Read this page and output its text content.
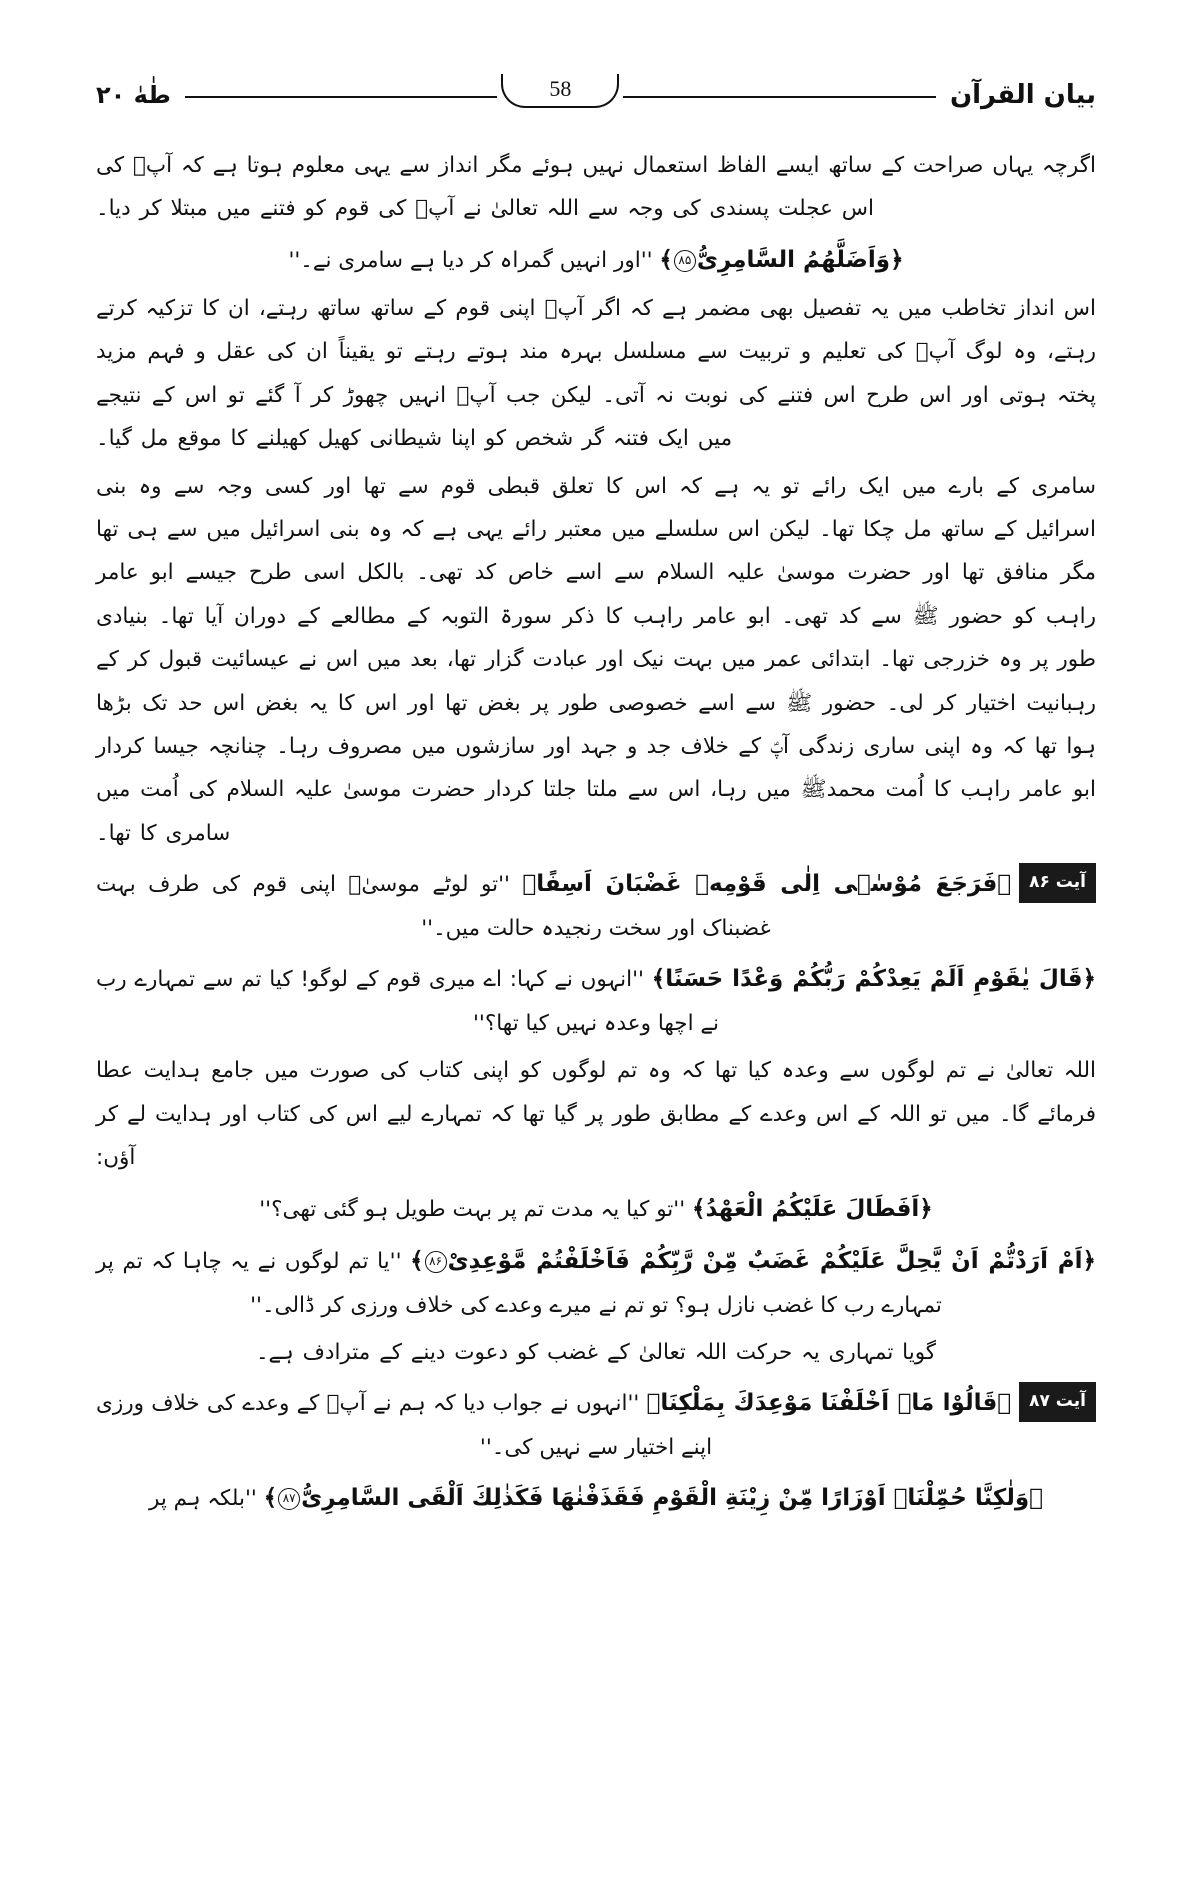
بيان القرآن
58
طٰهٰ ۲۰

اگرچہ یہاں صراحت کے ساتھ ایسے الفاظ استعمال نہیں ہوئے مگر انداز سے یہی معلوم ہوتا ہے کہ آپؑ کی اس عجلت پسندی کی وجہ سے اللہ تعالیٰ نے آپؑ کی قوم کو فتنے میں مبتلا کر دیا۔

﴿وَاَضَلَّهُمُ السَّامِرِیُّ۸۵﴾ ''اور انہیں گمراہ کر دیا ہے سامری نے۔''

اس انداز تخاطب میں یہ تفصیل بھی مضمر ہے کہ اگر آپؑ اپنی قوم کے ساتھ ساتھ رہتے، ان کا تزکیہ کرتے رہتے، وہ لوگ آپؑ کی تعلیم و تربیت سے مسلسل بہرہ مند ہوتے رہتے تو یقیناً ان کی عقل و فہم مزید پختہ ہوتی اور اس طرح اس فتنے کی نوبت نہ آتی۔ لیکن جب آپؑ انہیں چھوڑ کر آ گئے تو اس کے نتیجے میں ایک فتنہ گر شخص کو اپنا شیطانی کھیل کھیلنے کا موقع مل گیا۔

سامری کے بارے میں ایک رائے تو یہ ہے کہ اس کا تعلق قبطی قوم سے تھا اور کسی وجہ سے وہ بنی اسرائیل کے ساتھ مل چکا تھا۔ لیکن اس سلسلے میں معتبر رائے یہی ہے کہ وہ بنی اسرائیل میں سے ہی تھا مگر منافق تھا اور حضرت موسیٰ علیہ السلام سے اسے خاص کد تھی۔ بالکل اسی طرح جیسے ابو عامر راہب کو حضور ﷺ سے کد تھی۔ ابو عامر راہب کا ذکر سورۃ التوبہ کے مطالعے کے دوران آیا تھا۔ بنیادی طور پر وہ خزرجی تھا۔ ابتدائی عمر میں بہت نیک اور عبادت گزار تھا، بعد میں اس نے عیسائیت قبول کر کے رہبانیت اختیار کر لی۔ حضور ﷺ سے اسے خصوصی طور پر بغض تھا اور اس کا یہ بغض اس حد تک بڑھا ہوا تھا کہ وہ اپنی ساری زندگی آپؑ کے خلاف جد و جہد اور سازشوں میں مصروف رہا۔ چنانچہ جیسا کردار ابو عامر راہب کا اُمت محمدﷺ میں رہا، اس سے ملتا جلتا کردار حضرت موسیٰ علیہ السلام کی اُمت میں سامری کا تھا۔

آیت ۸۶﴿فَرَجَعَ مُوْسٰۤی اِلٰی قَوْمِهٖ غَضْبَانَ اَسِفًا﴾ ''تو لوٹے موسیٰؑ اپنی قوم کی طرف بہت غضبناک اور سخت رنجیدہ حالت میں۔''

﴿قَالَ یٰقَوْمِ اَلَمْ یَعِدْكُمْ رَبُّكُمْ وَعْدًا حَسَنًا﴾ ''انہوں نے کہا: اے میری قوم کے لوگو! کیا تم سے تمہارے رب نے اچھا وعدہ نہیں کیا تھا؟''

اللہ تعالیٰ نے تم لوگوں سے وعدہ کیا تھا کہ وہ تم لوگوں کو اپنی کتاب کی صورت میں جامع ہدایت عطا فرمائے گا۔ میں تو اللہ کے اس وعدے کے مطابق طور پر گیا تھا کہ تمہارے لیے اس کی کتاب اور ہدایت لے کر آؤں:

﴿اَفَطَالَ عَلَیْكُمُ الْعَهْدُ﴾ ''تو کیا یہ مدت تم پر بہت طویل ہو گئی تھی؟''

﴿اَمْ اَرَدْتُّمْ اَنْ یَّحِلَّ عَلَیْكُمْ غَضَبٌ مِّنْ رَّبِّكُمْ فَاَخْلَفْتُمْ مَّوْعِدِیْ۸۶﴾ ''یا تم لوگوں نے یہ چاہا کہ تم پر تمہارے رب کا غضب نازل ہو؟ تو تم نے میرے وعدے کی خلاف ورزی کر ڈالی۔''

گویا تمہاری یہ حرکت اللہ تعالیٰ کے غضب کو دعوت دینے کے مترادف ہے۔

آیت ۸۷﴿قَالُوْا مَاۤ اَخْلَفْنَا مَوْعِدَكَ بِمَلْكِنَا﴾ ''انہوں نے جواب دیا کہ ہم نے آپؑ کے وعدے کی خلاف ورزی اپنے اختیار سے نہیں کی۔''

﴿وَلٰكِنَّا حُمِّلْنَاۤ اَوْزَارًا مِّنْ زِیْنَةِ الْقَوْمِ فَقَذَفْنٰهَا فَكَذٰلِكَ اَلْقَی السَّامِرِیُّ۸۷﴾ ''بلکہ ہم پر
